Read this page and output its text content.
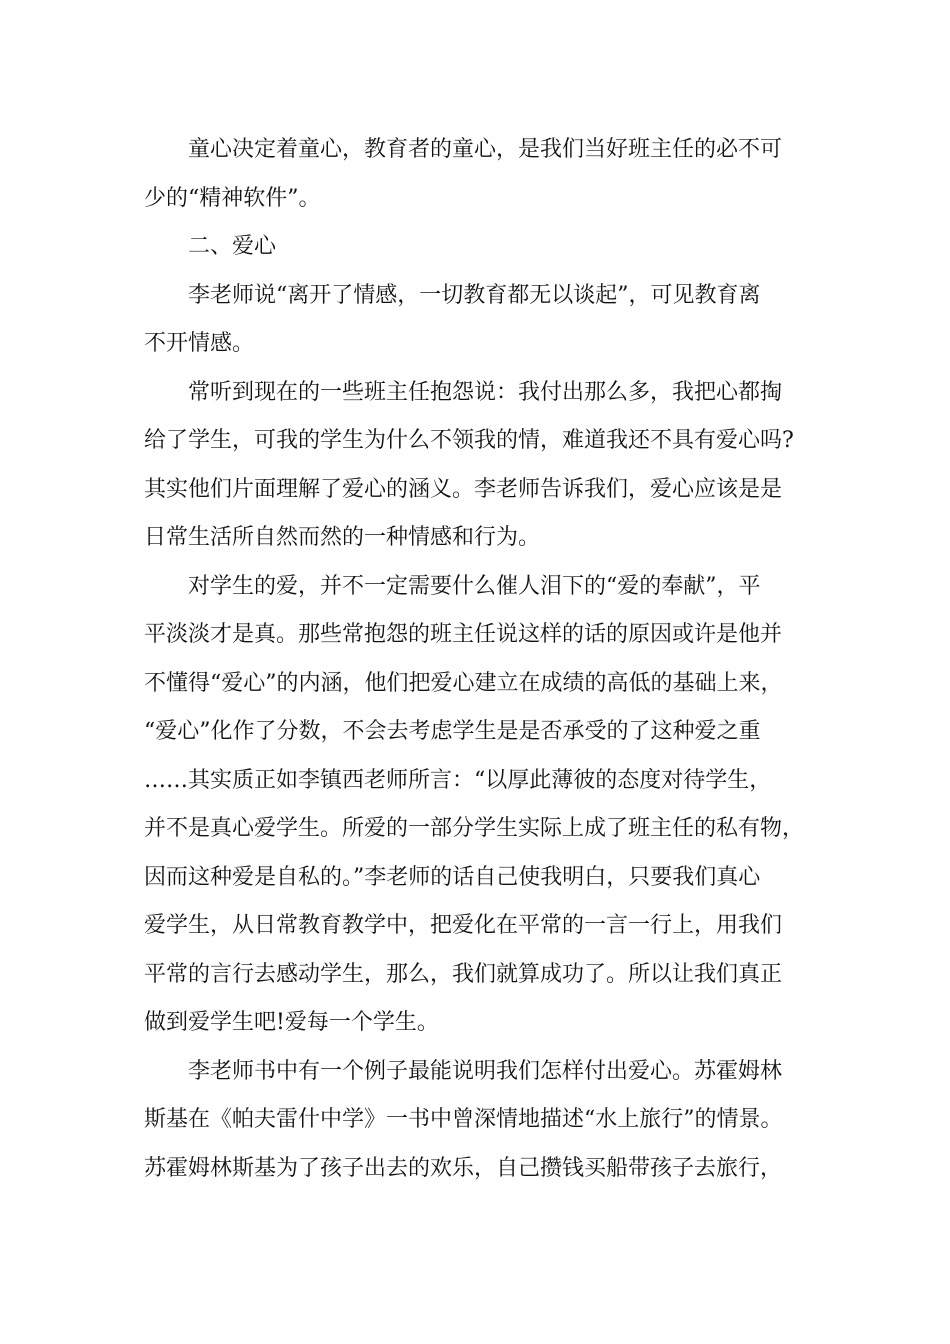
童心决定着童心，教育者的童心，是我们当好班主任的必不可
少的“精神软件”。
二、爱心
李老师说“离开了情感，一切教育都无以谈起”，可见教育离
不开情感。
常听到现在的一些班主任抱怨说：我付出那么多，我把心都掏
给了学生，可我的学生为什么不领我的情，难道我还不具有爱心吗?
其实他们片面理解了爱心的涵义。李老师告诉我们，爱心应该是是
日常生活所自然而然的一种情感和行为。
对学生的爱，并不一定需要什么催人泪下的“爱的奉献”，平
平淡淡才是真。那些常抱怨的班主任说这样的话的原因或许是他并
不懂得“爱心”的内涵，他们把爱心建立在成绩的高低的基础上来，
“爱心”化作了分数，不会去考虑学生是是否承受的了这种爱之重
……其实质正如李镇西老师所言：“以厚此薄彼的态度对待学生，
并不是真心爱学生。所爱的一部分学生实际上成了班主任的私有物，
因而这种爱是自私的。”李老师的话自己使我明白，只要我们真心
爱学生，从日常教育教学中，把爱化在平常的一言一行上，用我们
平常的言行去感动学生，那么，我们就算成功了。所以让我们真正
做到爱学生吧!爱每一个学生。
李老师书中有一个例子最能说明我们怎样付出爱心。苏霍姆林
斯基在《帕夫雷什中学》一书中曾深情地描述“水上旅行”的情景。
苏霍姆林斯基为了孩子出去的欢乐，自己攒钱买船带孩子去旅行，
